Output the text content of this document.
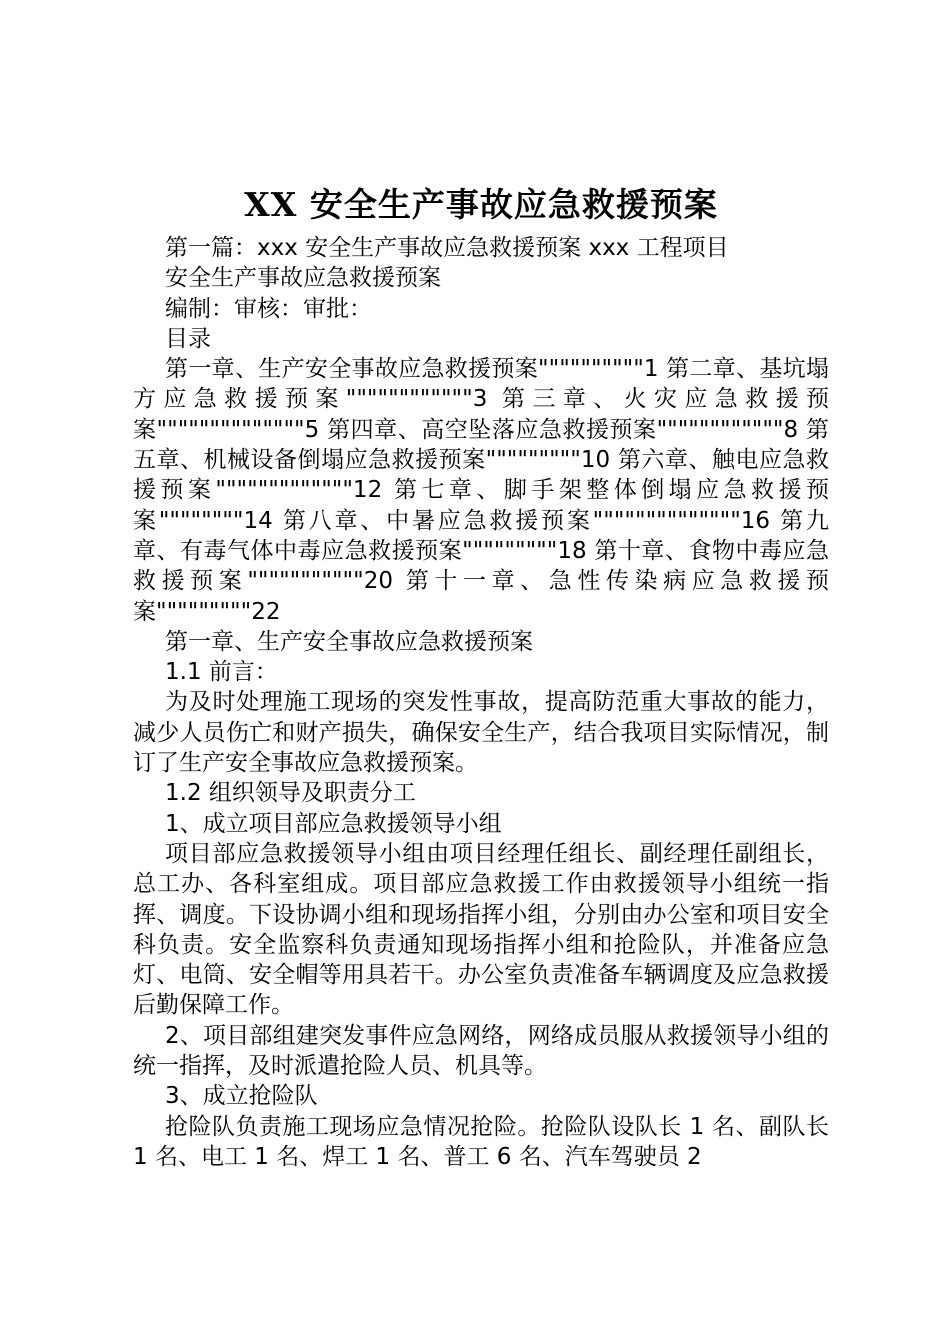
XX 安全生产事故应急救援预案

第一篇：xxx 安全生产事故应急救援预案 xxx 工程项目

安全生产事故应急救援预案

编制：审核：审批：

目录

第一章、生产安全事故应急救援预案""""""""""1 第二章、基坑塌方应急救援预案""""""""""""3 第三章、火灾应急救援预案""""""""""""""5 第四章、高空坠落应急救援预案""""""""""""8 第五章、机械设备倒塌应急救援预案"""""""""10 第六章、触电应急救援预案"""""""""""""12 第七章、脚手架整体倒塌应急救援预案""""""""14 第八章、中暑应急救援预案""""""""""""""16 第九章、有毒气体中毒应急救援预案"""""""""18 第十章、食物中毒应急救援预案"""""""""""20 第十一章、急性传染病应急救援预案"""""""""22

第一章、生产安全事故应急救援预案

1.1 前言：

为及时处理施工现场的突发性事故，提高防范重大事故的能力，减少人员伤亡和财产损失，确保安全生产，结合我项目实际情况，制订了生产安全事故应急救援预案。

1.2 组织领导及职责分工

1、成立项目部应急救援领导小组

项目部应急救援领导小组由项目经理任组长、副经理任副组长，总工办、各科室组成。项目部应急救援工作由救援领导小组统一指挥、调度。下设协调小组和现场指挥小组，分别由办公室和项目安全科负责。安全监察科负责通知现场指挥小组和抢险队，并准备应急灯、电筒、安全帽等用具若干。办公室负责准备车辆调度及应急救援后勤保障工作。

2、项目部组建突发事件应急网络，网络成员服从救援领导小组的统一指挥，及时派遣抢险人员、机具等。

3、成立抢险队

抢险队负责施工现场应急情况抢险。抢险队设队长 1 名、副队长 1 名、电工 1 名、焊工 1 名、普工 6 名、汽车驾驶员 2
